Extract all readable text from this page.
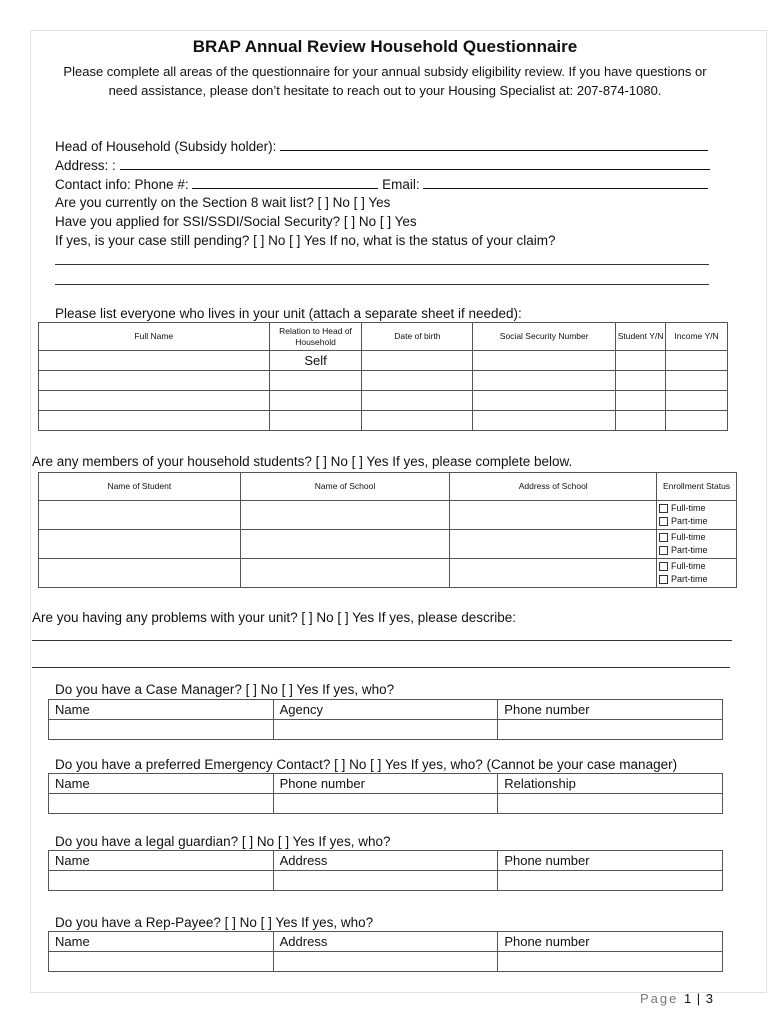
BRAP Annual Review Household Questionnaire
Please complete all areas of the questionnaire for your annual subsidy eligibility review. If you have questions or need assistance, please don’t hesitate to reach out to your Housing Specialist at: 207-874-1080.
Head of Household (Subsidy holder):
Address: :
Contact info: Phone #:	Email:
Are you currently on the Section 8 wait list? [ ] No [ ] Yes
Have you applied for SSI/SSDI/Social Security? [ ] No [ ] Yes
If yes, is your case still pending? [ ] No [ ] Yes If no, what is the status of your claim?
Please list everyone who lives in your unit (attach a separate sheet if needed):
Full Name	Relation to Head of Household	Date of birth	Social Security Number	Student Y/N	Income Y/N
	Self				

Are any members of your household students? [ ] No [ ] Yes If yes, please complete below.
Name of Student	Name of School	Address of School	Enrollment Status

			Full-time
Part-time

			Full-time
Part-time

			Full-time
Part-time
Are you having any problems with your unit? [ ] No [ ] Yes If yes, please describe:
Do you have a Case Manager? [ ] No [ ] Yes If yes, who?
Name	Agency	Phone number

Do you have a preferred Emergency Contact? [ ] No [ ] Yes If yes, who? (Cannot be your case manager)
Name	Phone number	Relationship

Do you have a legal guardian? [ ] No [ ] Yes If yes, who?
Name	Address	Phone number

Do you have a Rep-Payee? [ ] No [ ] Yes If yes, who?
Name	Address	Phone number

Page 1 | 3
